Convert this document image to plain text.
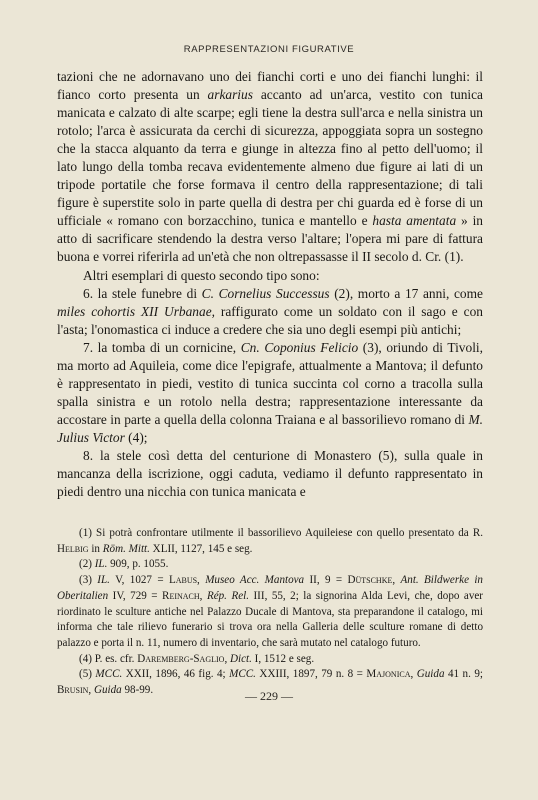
RAPPRESENTAZIONI FIGURATIVE

tazioni che ne adornavano uno dei fianchi corti e uno dei fianchi lunghi: il fianco corto presenta un arkarius accanto ad un'arca, vestito con tunica manicata e calzato di alte scarpe; egli tiene la destra sull'arca e nella sinistra un rotolo; l'arca è assicurata da cerchi di sicurezza, appoggiata sopra un sostegno che la stacca alquanto da terra e giunge in altezza fino al petto dell'uomo; il lato lungo della tomba recava evidentemente almeno due figure ai lati di un tripode portatile che forse formava il centro della rappresentazione; di tali figure è superstite solo in parte quella di destra per chi guarda ed è forse di un ufficiale « romano con borzacchino, tunica e mantello e hasta amentata » in atto di sacrificare stendendo la destra verso l'altare; l'opera mi pare di fattura buona e vorrei riferirla ad un'età che non oltrepassasse il II secolo d. Cr. (1).

Altri esemplari di questo secondo tipo sono:

6. la stele funebre di C. Cornelius Successus (2), morto a 17 anni, come miles cohortis XII Urbanae, raffigurato come un soldato con il sago e con l'asta; l'onomastica ci induce a credere che sia uno degli esempi più antichi;

7. la tomba di un cornicine, Cn. Coponius Felicio (3), oriundo di Tivoli, ma morto ad Aquileia, come dice l'epigrafe, attualmente a Mantova; il defunto è rappresentato in piedi, vestito di tunica succinta col corno a tracolla sulla spalla sinistra e un rotolo nella destra; rappresentazione interessante da accostare in parte a quella della colonna Traiana e al bassorilievo romano di M. Julius Victor (4);

8. la stele così detta del centurione di Monastero (5), sulla quale in mancanza della iscrizione, oggi caduta, vediamo il defunto rappresentato in piedi dentro una nicchia con tunica manicata e

(1) Si potrà confrontare utilmente il bassorilievo Aquileiese con quello presentato da R. Helbig in Röm. Mitt. XLII, 1127, 145 e seg.

(2) IL. 909, p. 1055.

(3) IL. V, 1027 = Labus, Museo Acc. Mantova II, 9 = Dütschke, Ant. Bildwerke in Oberitalien IV, 729 = Reinach, Rép. Rel. III, 55, 2; la signorina Alda Levi, che, dopo aver riordinato le sculture antiche nel Palazzo Ducale di Mantova, sta preparandone il catalogo, mi informa che tale rilievo funerario si trova ora nella Galleria delle sculture romane di detto palazzo e porta il n. 11, numero di inventario, che sarà mutato nel catalogo futuro.

(4) P. es. cfr. Daremberg-Saglio, Dict. I, 1512 e seg.

(5) MCC. XXII, 1896, 46 fig. 4; MCC. XXIII, 1897, 79 n. 8 = Majonica, Guida 41 n. 9; Brusin, Guida 98-99.	— 229 —
